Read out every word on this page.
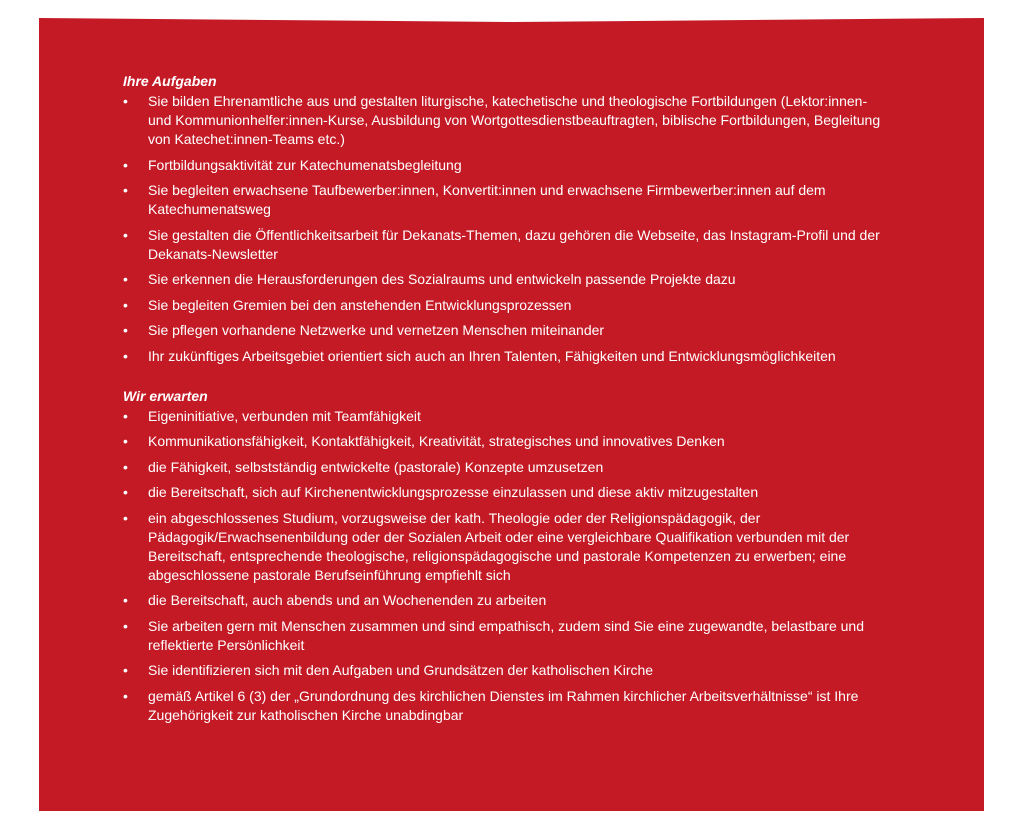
Ihre Aufgaben
• Sie bilden Ehrenamtliche aus und gestalten liturgische, katechetische und theologische Fortbildungen (Lektor:innen- und Kommunionhelfer:innen-Kurse, Ausbildung von Wortgottesdienstbeauftragten, biblische Fortbildungen, Begleitung von Katechet:innen-Teams etc.)
• Fortbildungsaktivität zur Katechumenatsbegleitung
• Sie begleiten erwachsene Taufbewerber:innen, Konvertit:innen und erwachsene Firmbewerber:innen auf dem Katechumenatsweg
• Sie gestalten die Öffentlichkeitsarbeit für Dekanats-Themen, dazu gehören die Webseite, das Instagram-Profil und der Dekanats-Newsletter
• Sie erkennen die Herausforderungen des Sozialraums und entwickeln passende Projekte dazu
• Sie begleiten Gremien bei den anstehenden Entwicklungsprozessen
• Sie pflegen vorhandene Netzwerke und vernetzen Menschen miteinander
• Ihr zukünftiges Arbeitsgebiet orientiert sich auch an Ihren Talenten, Fähigkeiten und Entwicklungsmöglichkeiten
Wir erwarten
• Eigeninitiative, verbunden mit Teamfähigkeit
• Kommunikationsfähigkeit, Kontaktfähigkeit, Kreativität, strategisches und innovatives Denken
• die Fähigkeit, selbstständig entwickelte (pastorale) Konzepte umzusetzen
• die Bereitschaft, sich auf Kirchenentwicklungsprozesse einzulassen und diese aktiv mitzugestalten
• ein abgeschlossenes Studium, vorzugsweise der kath. Theologie oder der Religionspädagogik, der Pädagogik/Erwachsenenbildung oder der Sozialen Arbeit oder eine vergleichbare Qualifikation verbunden mit der Bereitschaft, entsprechende theologische, religionspädagogische und pastorale Kompetenzen zu erwerben; eine abgeschlossene pastorale Berufseinführung empfiehlt sich
• die Bereitschaft, auch abends und an Wochenenden zu arbeiten
• Sie arbeiten gern mit Menschen zusammen und sind empathisch, zudem sind Sie eine zugewandte, belastbare und reflektierte Persönlichkeit
• Sie identifizieren sich mit den Aufgaben und Grundsätzen der katholischen Kirche
• gemäß Artikel 6 (3) der „Grundordnung des kirchlichen Dienstes im Rahmen kirchlicher Arbeitsverhältnisse“ ist Ihre Zugehörigkeit zur katholischen Kirche unabdingbar
